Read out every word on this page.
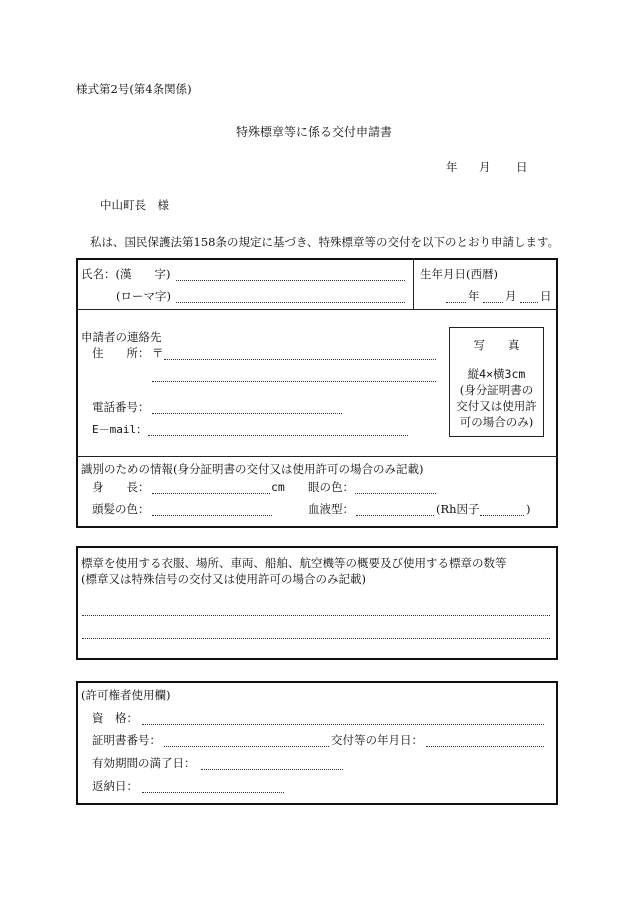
様式第2号(第4条関係)
特殊標章等に係る交付申請書
年 月 日
中山町長　様
私は、国民保護法第158条の規定に基づき、特殊標章等の交付を以下のとおり申請します。
氏名：(漢　　字)
(ローマ字)
生年月日(西暦)
年 月 日
申請者の連絡先
住　　所： 〒
電話番号：
E－mail：
写　　真
縦4×横3cm
(身分証明書の
交付又は使用許
可の場合のみ)
識別のための情報(身分証明書の交付又は使用許可の場合のみ記載)
身　　長：	cm 眼の色：
頭髪の色：	血液型：	(Rh因子	)
標章を使用する衣服、場所、車両、船舶、航空機等の概要及び使用する標章の数等
(標章又は特殊信号の交付又は使用許可の場合のみ記載)
(許可権者使用欄)
資　格：
証明書番号：	交付等の年月日：
有効期間の満了日：
返納日：
